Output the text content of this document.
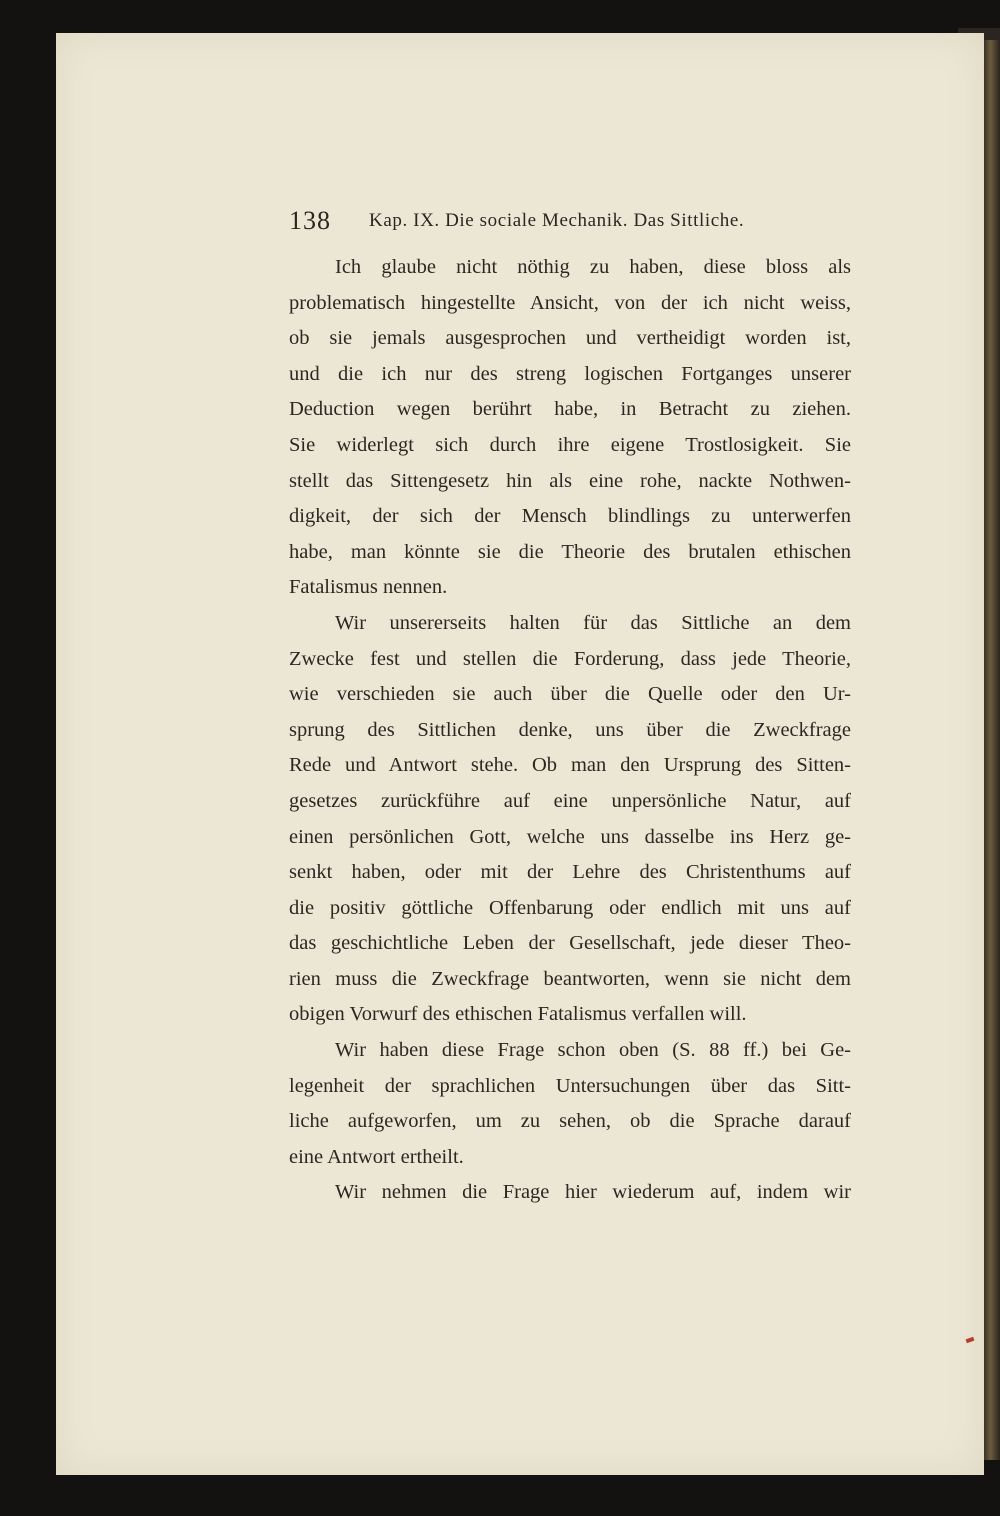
138 Kap. IX. Die sociale Mechanik. Das Sittliche.
Ich glaube nicht nöthig zu haben, diese bloss als
problematisch hingestellte Ansicht, von der ich nicht weiss,
ob sie jemals ausgesprochen und vertheidigt worden ist,
und die ich nur des streng logischen Fortganges unserer
Deduction wegen berührt habe, in Betracht zu ziehen.
Sie widerlegt sich durch ihre eigene Trostlosigkeit. Sie
stellt das Sittengesetz hin als eine rohe, nackte Nothwen-
digkeit, der sich der Mensch blindlings zu unterwerfen
habe, man könnte sie die Theorie des brutalen ethischen
Fatalismus nennen.
Wir unsererseits halten für das Sittliche an dem
Zwecke fest und stellen die Forderung, dass jede Theorie,
wie verschieden sie auch über die Quelle oder den Ur-
sprung des Sittlichen denke, uns über die Zweckfrage
Rede und Antwort stehe. Ob man den Ursprung des Sitten-
gesetzes zurückführe auf eine unpersönliche Natur, auf
einen persönlichen Gott, welche uns dasselbe ins Herz ge-
senkt haben, oder mit der Lehre des Christenthums auf
die positiv göttliche Offenbarung oder endlich mit uns auf
das geschichtliche Leben der Gesellschaft, jede dieser Theo-
rien muss die Zweckfrage beantworten, wenn sie nicht dem
obigen Vorwurf des ethischen Fatalismus verfallen will.
Wir haben diese Frage schon oben (S. 88 ff.) bei Ge-
legenheit der sprachlichen Untersuchungen über das Sitt-
liche aufgeworfen, um zu sehen, ob die Sprache darauf
eine Antwort ertheilt.
Wir nehmen die Frage hier wiederum auf, indem wir
